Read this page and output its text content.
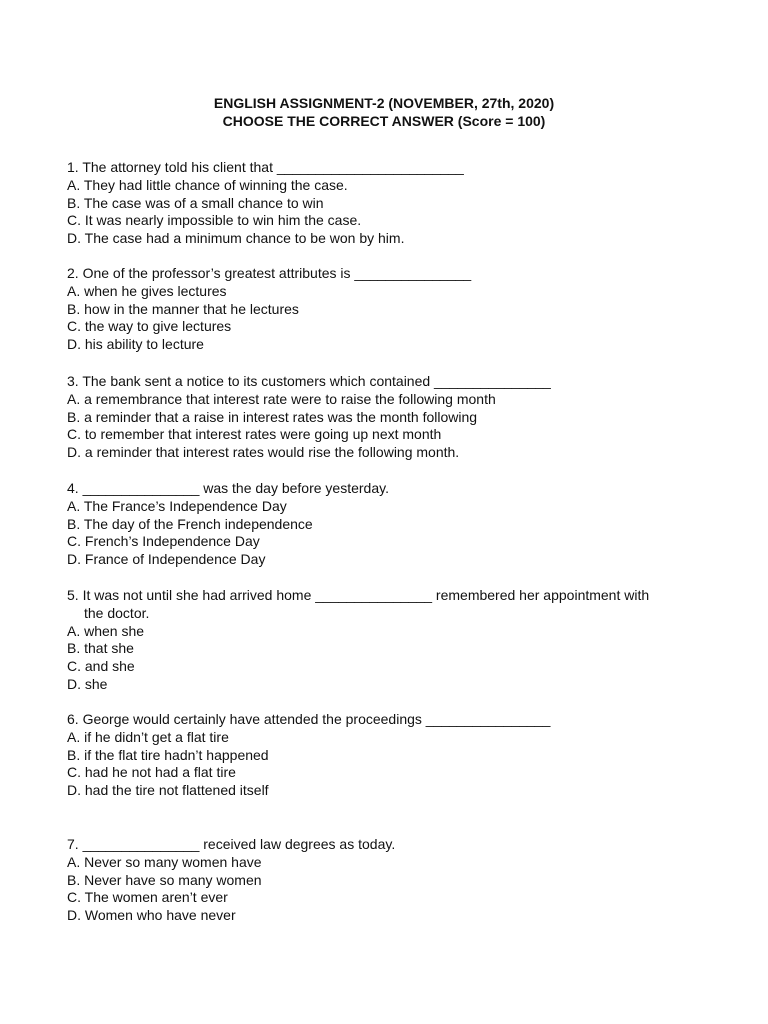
ENGLISH ASSIGNMENT-2 (NOVEMBER, 27th, 2020)
CHOOSE THE CORRECT ANSWER (Score = 100)
1. The attorney told his client that ________________________
A. They had little chance of winning the case.
B. The case was of a small chance to win
C. It was nearly impossible to win him the case.
D. The case had a minimum chance to be won by him.
2. One of the professor’s greatest attributes is _______________
A. when he gives lectures
B. how in the manner that he lectures
C. the way to give lectures
D. his ability to lecture
3. The bank sent a notice to its customers which contained _______________
A. a remembrance that interest rate were to raise the following month
B. a reminder that a raise in interest rates was the month following
C. to remember that interest rates were going up next month
D. a reminder that interest rates would rise the following month.
4. _______________ was the day before yesterday.
A. The France’s Independence Day
B. The day of the French independence
C. French’s Independence Day
D. France of Independence Day
5. It was not until she had arrived home _______________ remembered her appointment with
the doctor.
A. when she
B. that she
C. and she
D. she
6. George would certainly have attended the proceedings ________________
A. if he didn’t get a flat tire
B. if the flat tire hadn’t happened
C. had he not had a flat tire
D. had the tire not flattened itself
7. _______________ received law degrees as today.
A. Never so many women have
B. Never have so many women
C. The women aren’t ever
D. Women who have never
